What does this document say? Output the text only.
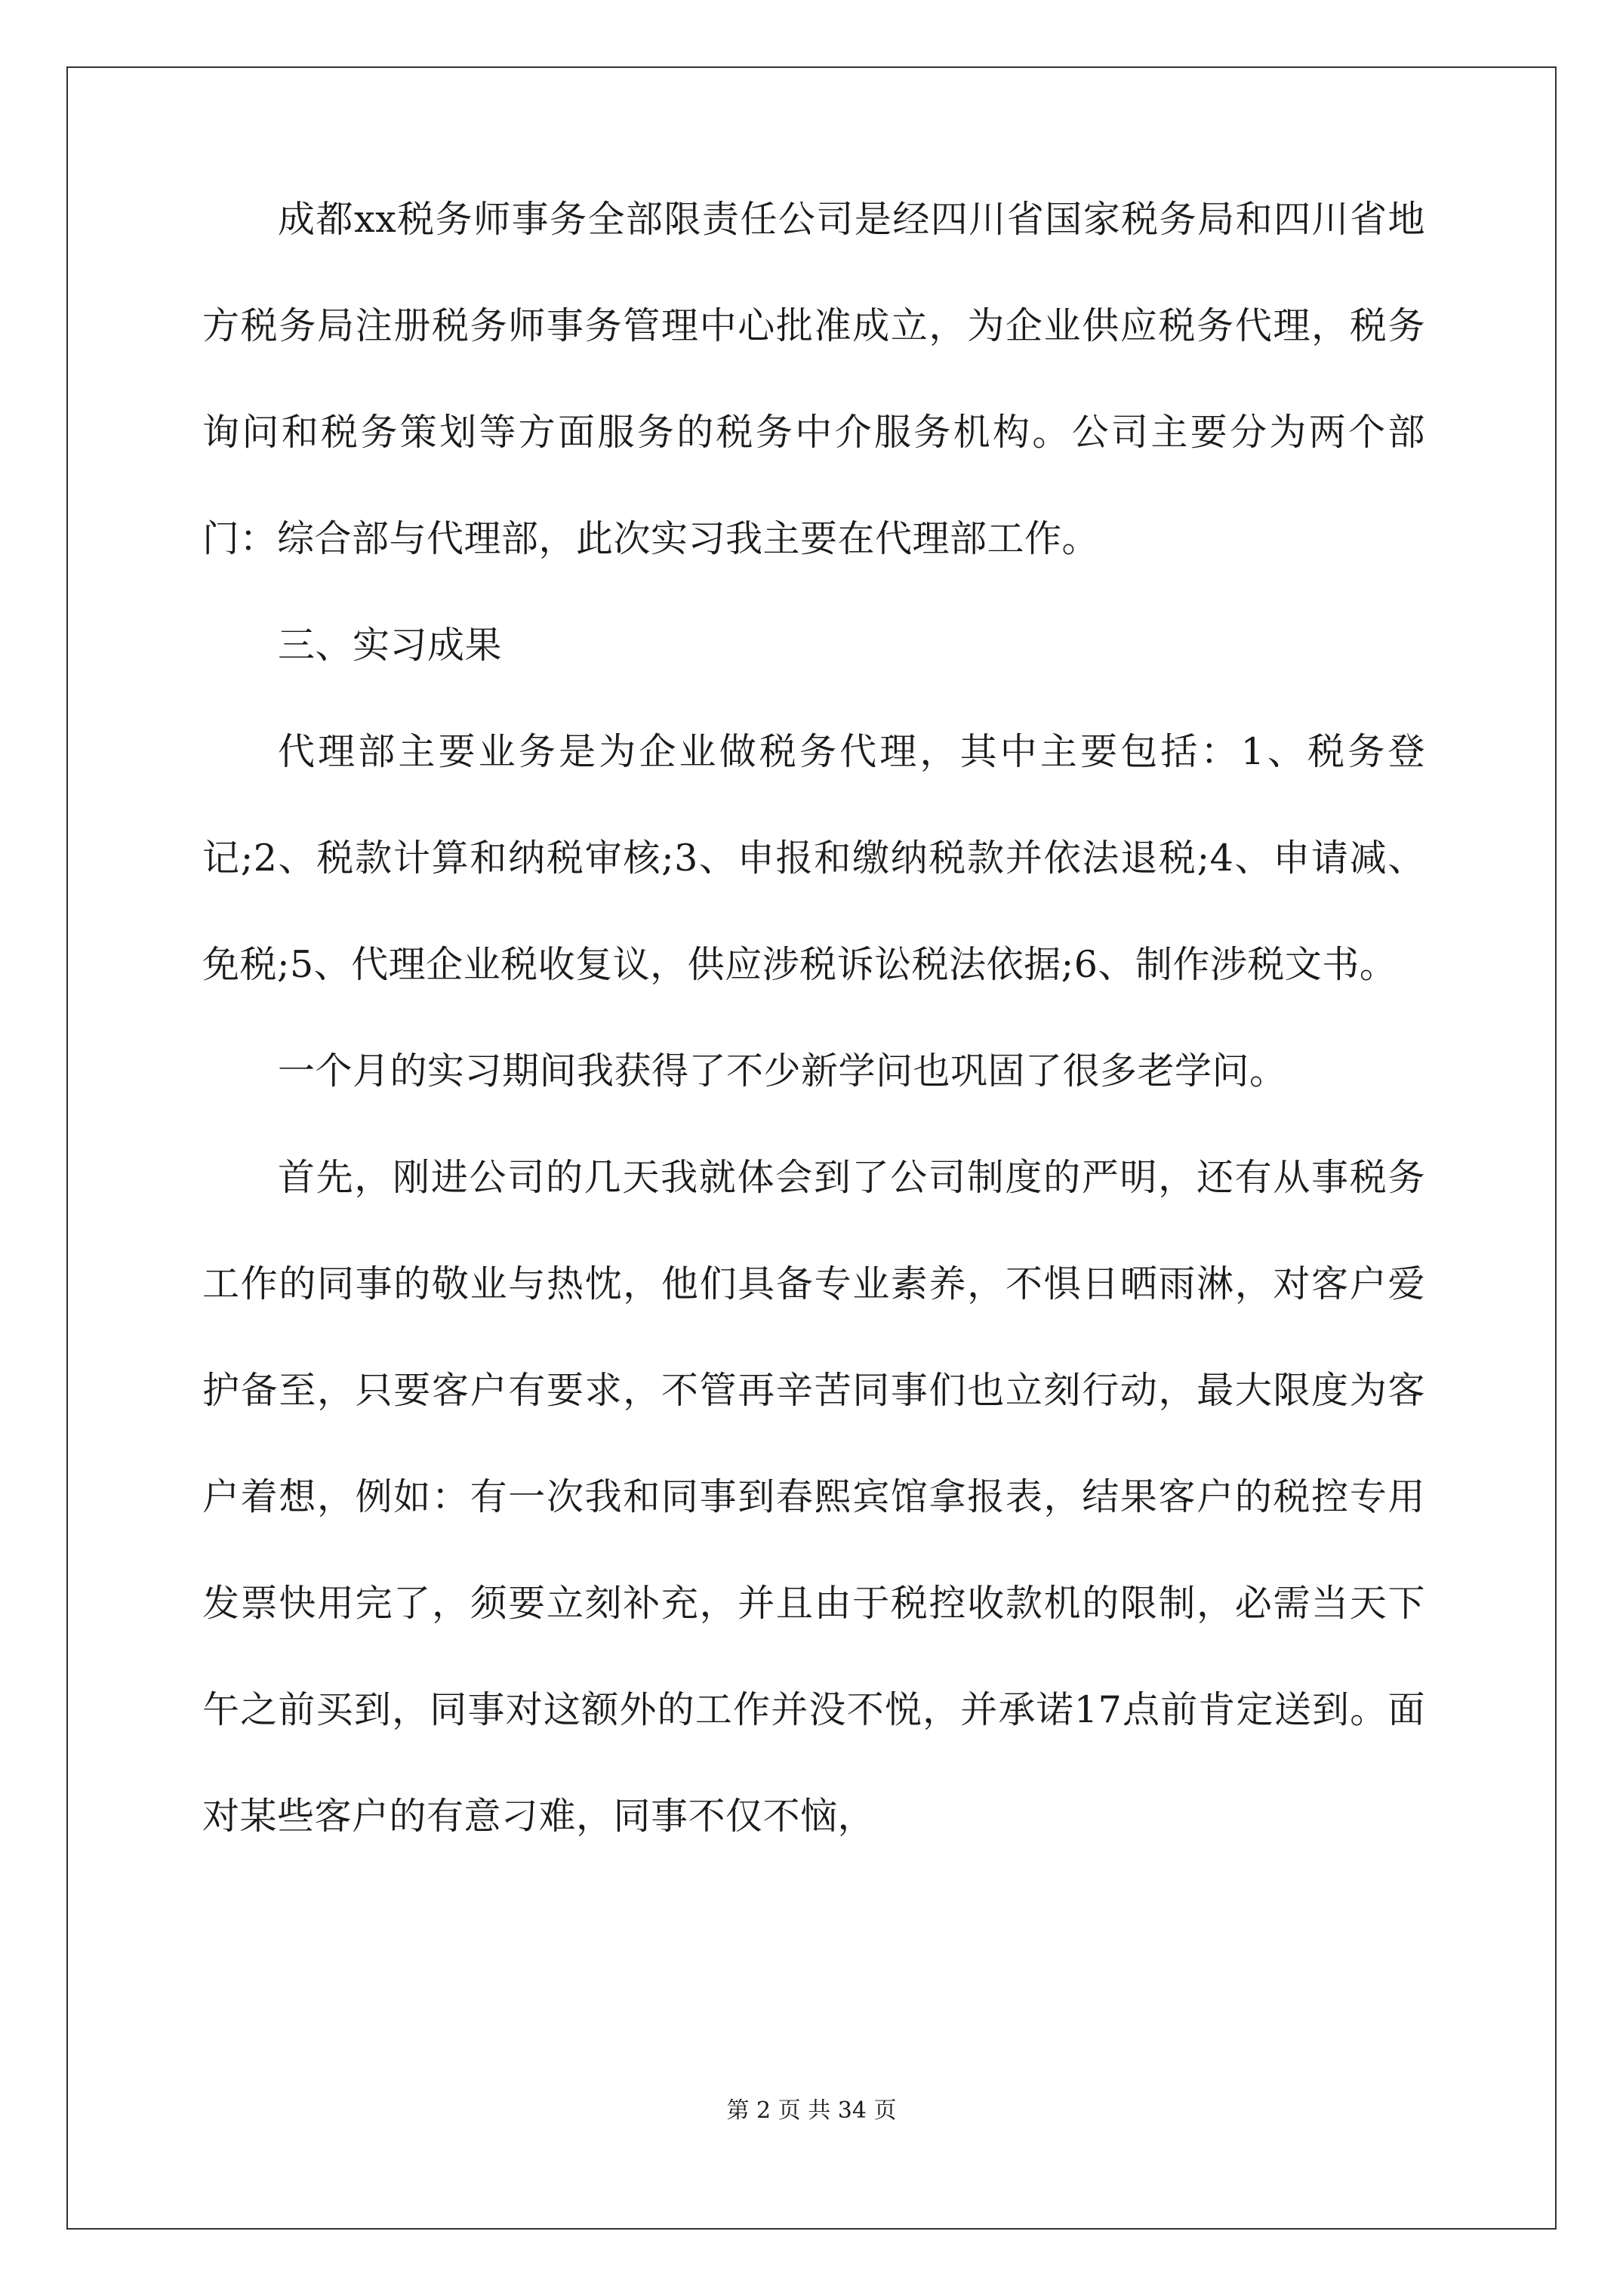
成都xx税务师事务全部限责任公司是经四川省国家税务局和四川省地方税务局注册税务师事务管理中心批准成立，为企业供应税务代理，税务询问和税务策划等方面服务的税务中介服务机构。公司主要分为两个部门：综合部与代理部，此次实习我主要在代理部工作。

三、实习成果

代理部主要业务是为企业做税务代理，其中主要包括：1、税务登记;2、税款计算和纳税审核;3、申报和缴纳税款并依法退税;4、申请减、免税;5、代理企业税收复议，供应涉税诉讼税法依据;6、制作涉税文书。

一个月的实习期间我获得了不少新学问也巩固了很多老学问。

首先，刚进公司的几天我就体会到了公司制度的严明，还有从事税务工作的同事的敬业与热忱，他们具备专业素养，不惧日晒雨淋，对客户爱护备至，只要客户有要求，不管再辛苦同事们也立刻行动，最大限度为客户着想，例如：有一次我和同事到春熙宾馆拿报表，结果客户的税控专用发票快用完了，须要立刻补充，并且由于税控收款机的限制，必需当天下午之前买到，同事对这额外的工作并没不悦，并承诺17点前肯定送到。面对某些客户的有意刁难，同事不仅不恼，

第 2 页 共 34 页
